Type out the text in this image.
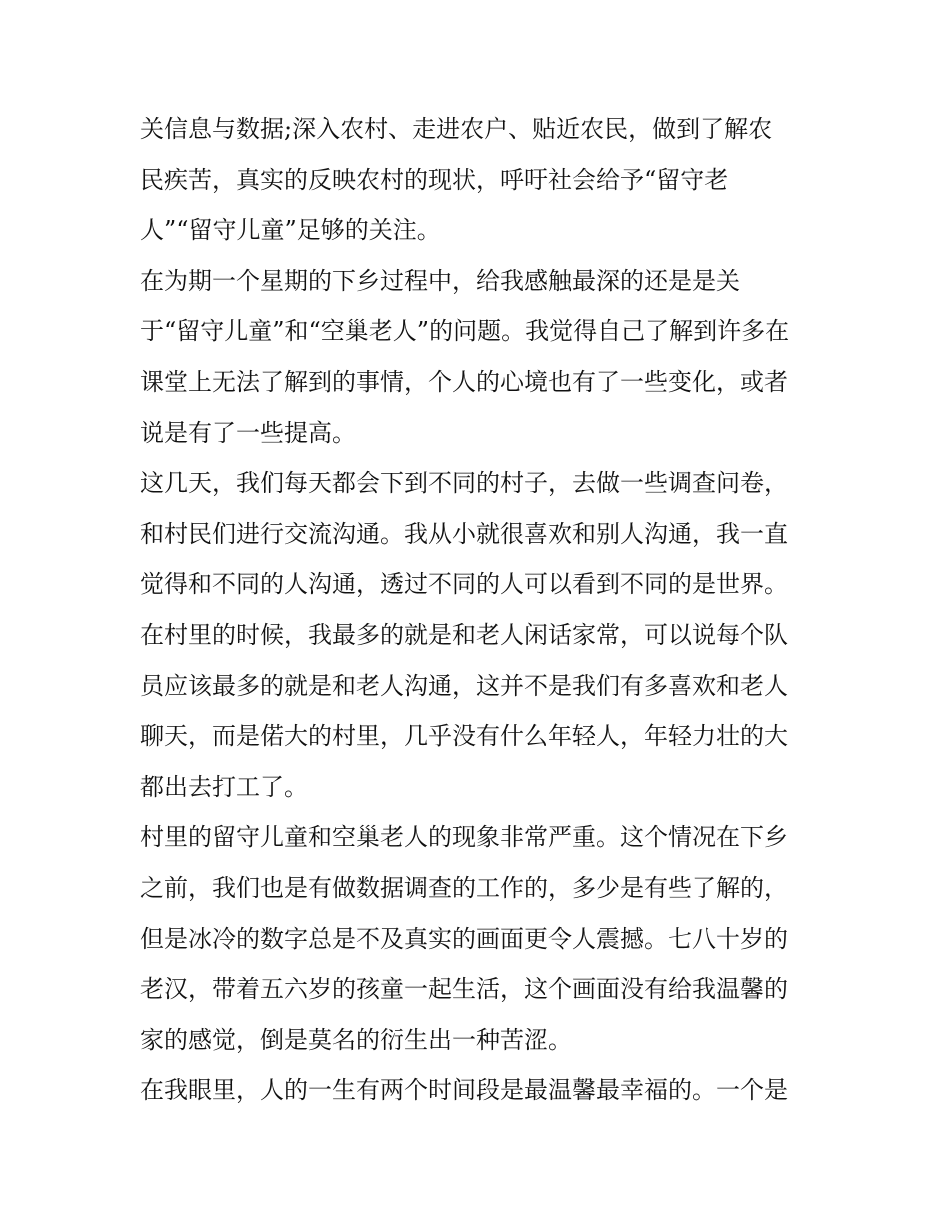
关信息与数据;深入农村、走进农户、贴近农民，做到了解农
民疾苦，真实的反映农村的现状，呼吁社会给予“留守老
人”“留守儿童”足够的关注。
在为期一个星期的下乡过程中，给我感触最深的还是是关
于“留守儿童”和“空巢老人”的问题。我觉得自己了解到许多在
课堂上无法了解到的事情，个人的心境也有了一些变化，或者
说是有了一些提高。
这几天，我们每天都会下到不同的村子，去做一些调查问卷，
和村民们进行交流沟通。我从小就很喜欢和别人沟通，我一直
觉得和不同的人沟通，透过不同的人可以看到不同的是世界。
在村里的时候，我最多的就是和老人闲话家常，可以说每个队
员应该最多的就是和老人沟通，这并不是我们有多喜欢和老人
聊天，而是偌大的村里，几乎没有什么年轻人，年轻力壮的大
都出去打工了。
村里的留守儿童和空巢老人的现象非常严重。这个情况在下乡
之前，我们也是有做数据调查的工作的，多少是有些了解的，
但是冰冷的数字总是不及真实的画面更令人震撼。七八十岁的
老汉，带着五六岁的孩童一起生活，这个画面没有给我温馨的
家的感觉，倒是莫名的衍生出一种苦涩。
在我眼里，人的一生有两个时间段是最温馨最幸福的。一个是
